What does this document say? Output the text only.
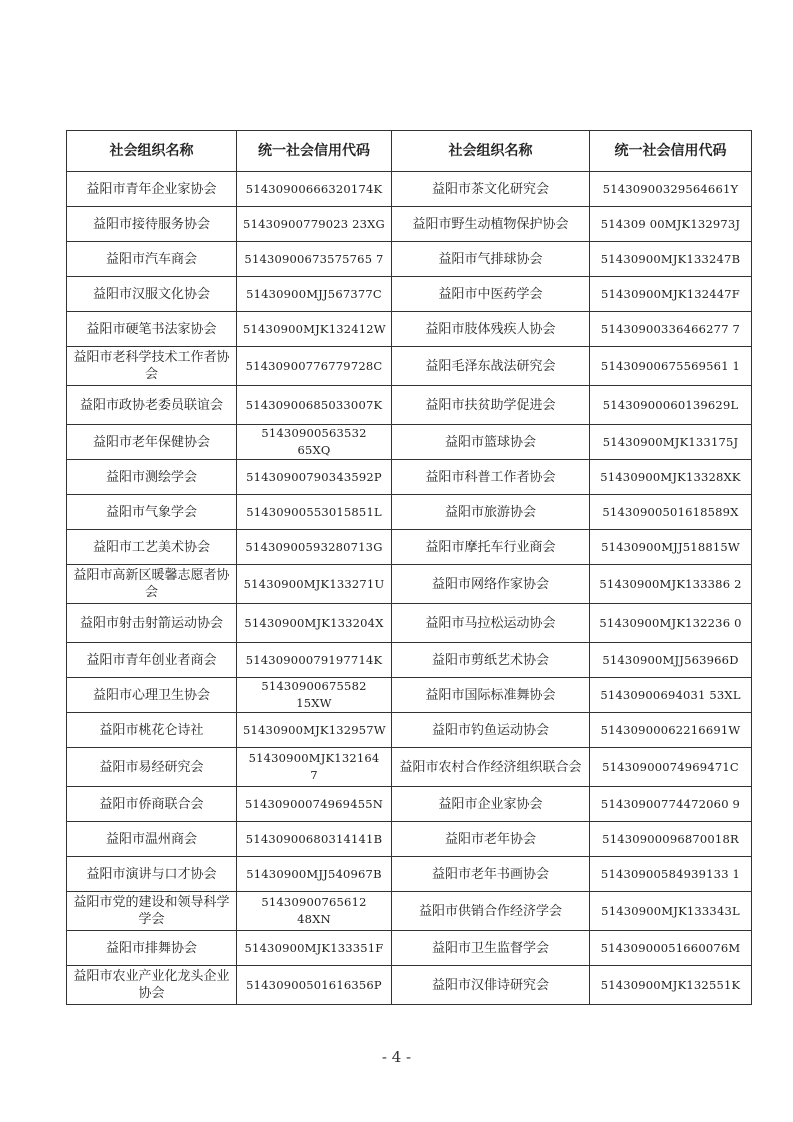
社会组织名称	统一社会信用代码	社会组织名称	统一社会信用代码
益阳市青年企业家协会	51430900666320174K	益阳市茶文化研究会	51430900329564661Y
益阳市接待服务协会	51430900779023 23XG	益阳市野生动植物保护协会	514309 00MJK132973J
益阳市汽车商会	51430900673575765 7	益阳市气排球协会	51430900MJK133247B
益阳市汉服文化协会	51430900MJJ567377C	益阳市中医药学会	51430900MJK132447F
益阳市硬笔书法家协会	51430900MJK132412W	益阳市肢体残疾人协会	51430900336466277 7
益阳市老科学技术工作者协会	51430900776779728C	益阳毛泽东战法研究会	51430900675569561 1
益阳市政协老委员联谊会	51430900685033007K	益阳市扶贫助学促进会	51430900060139629L
益阳市老年保健协会	51430900563532 65XQ	益阳市篮球协会	51430900MJK133175J
益阳市测绘学会	51430900790343592P	益阳市科普工作者协会	51430900MJK13328XK
益阳市气象学会	51430900553015851L	益阳市旅游协会	51430900501618589X
益阳市工艺美术协会	51430900593280713G	益阳市摩托车行业商会	51430900MJJ518815W
益阳市高新区暖馨志愿者协会	51430900MJK133271U	益阳市网络作家协会	51430900MJK133386 2
益阳市射击射箭运动协会	51430900MJK133204X	益阳市马拉松运动协会	51430900MJK132236 0
益阳市青年创业者商会	51430900079197714K	益阳市剪纸艺术协会	51430900MJJ563966D
益阳市心理卫生协会	51430900675582 15XW	益阳市国际标准舞协会	51430900694031 53XL
益阳市桃花仑诗社	51430900MJK132957W	益阳市钓鱼运动协会	51430900062216691W
益阳市易经研究会	51430900MJK132164 7	益阳市农村合作经济组织联合会	51430900074969471C
益阳市侨商联合会	51430900074969455N	益阳市企业家协会	51430900774472060 9
益阳市温州商会	51430900680314141B	益阳市老年协会	51430900096870018R
益阳市演讲与口才协会	51430900MJJ540967B	益阳市老年书画协会	51430900584939133 1
益阳市党的建设和领导科学学会	51430900765612 48XN	益阳市供销合作经济学会	51430900MJK133343L
益阳市排舞协会	51430900MJK133351F	益阳市卫生监督学会	51430900051660076M
益阳市农业产业化龙头企业协会	51430900501616356P	益阳市汉俳诗研究会	51430900MJK132551K
- 4 -
